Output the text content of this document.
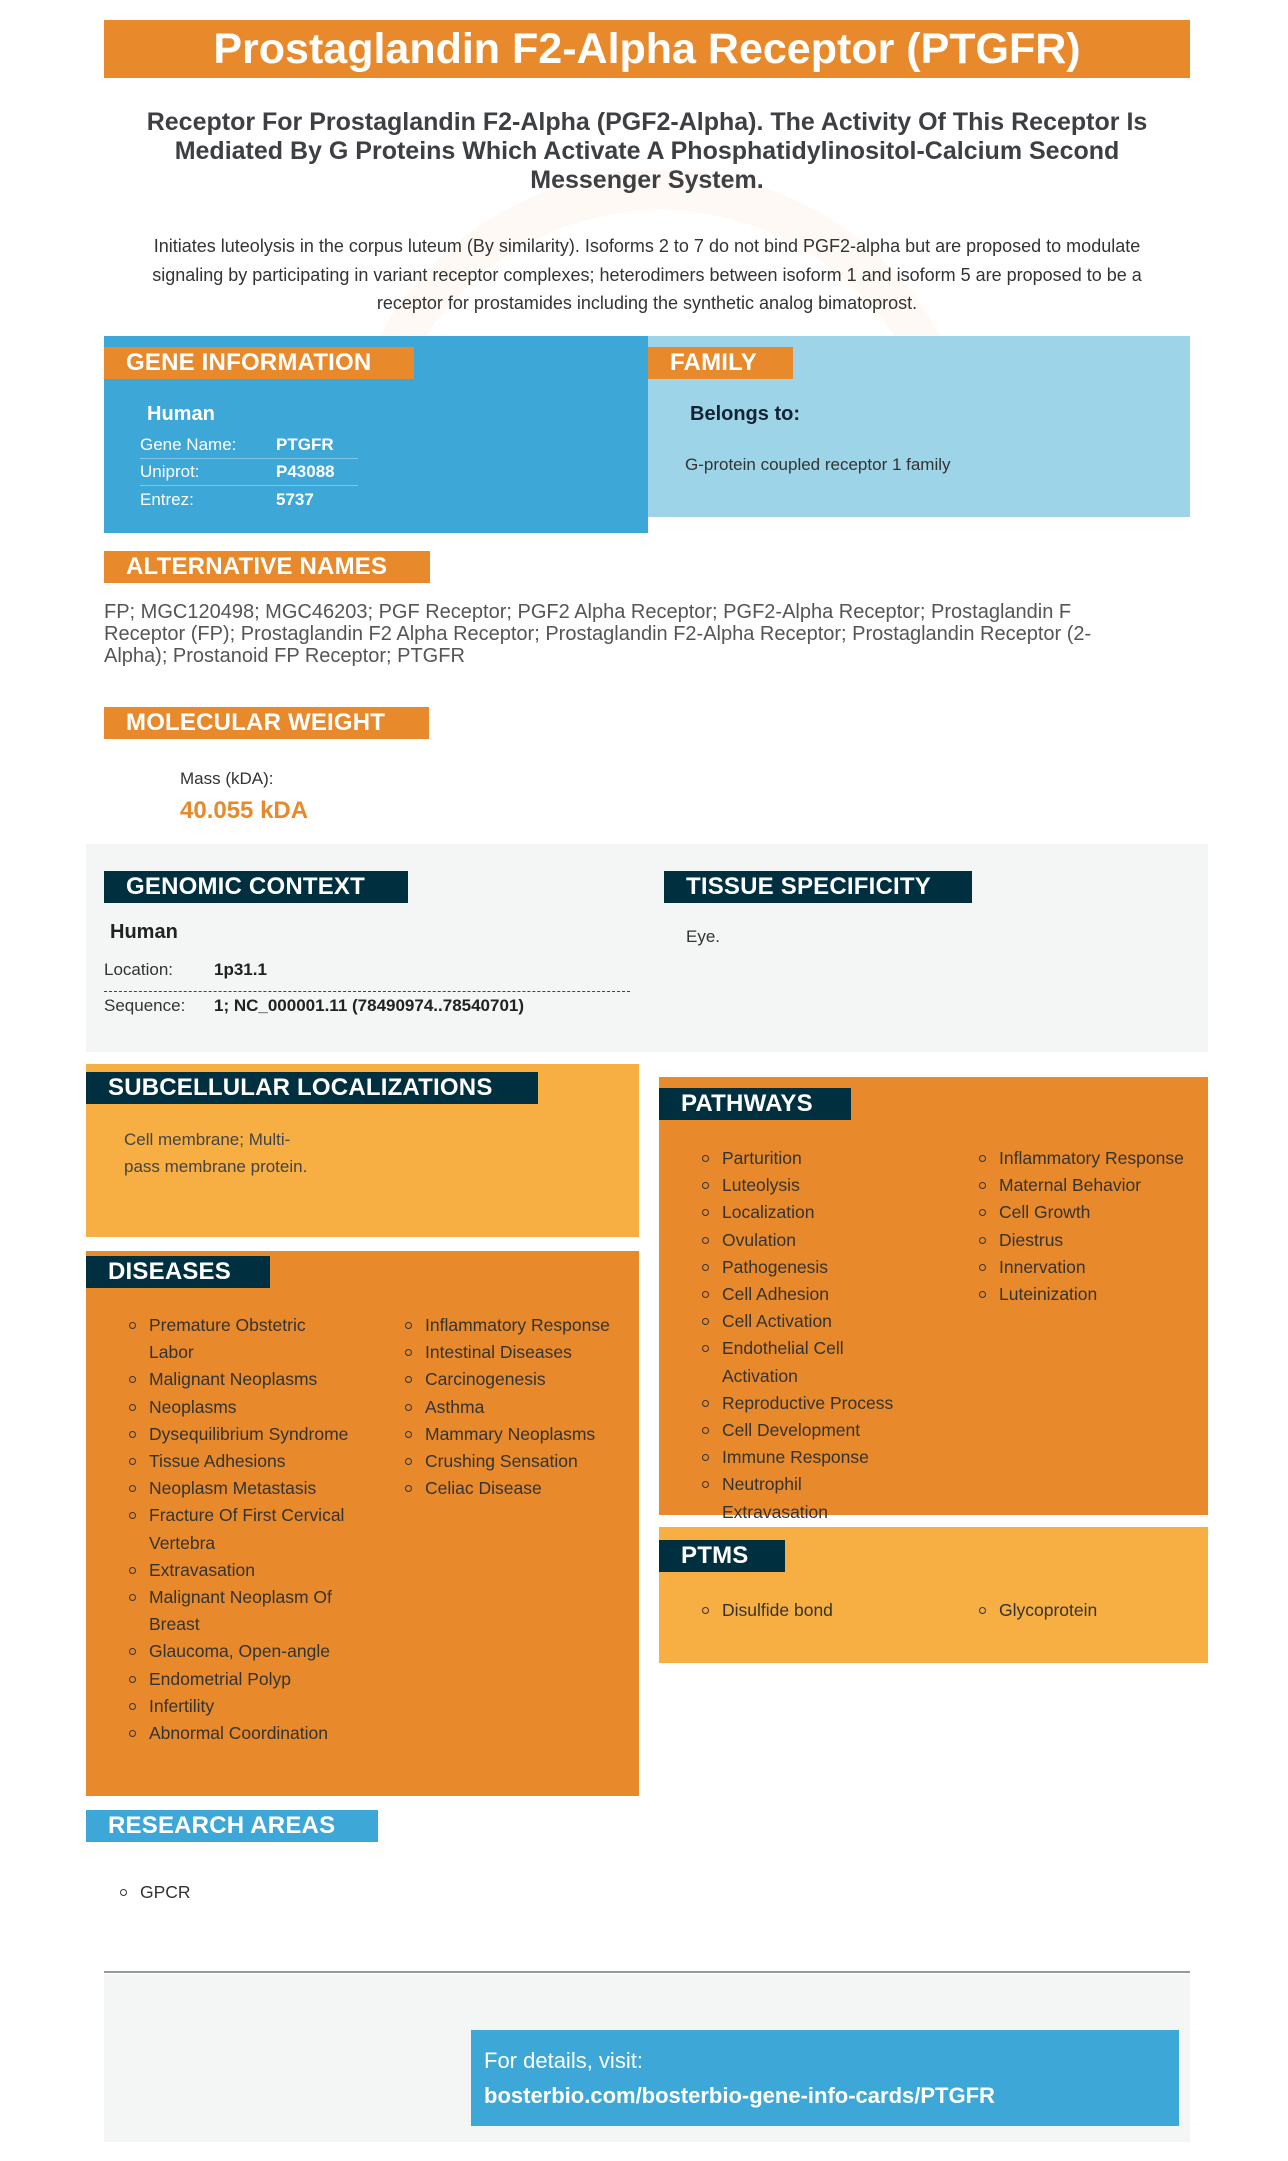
Prostaglandin F2-Alpha Receptor (PTGFR)
Receptor For Prostaglandin F2-Alpha (PGF2-Alpha). The Activity Of This Receptor Is Mediated By G Proteins Which Activate A Phosphatidylinositol-Calcium Second Messenger System.
Initiates luteolysis in the corpus luteum (By similarity). Isoforms 2 to 7 do not bind PGF2-alpha but are proposed to modulate signaling by participating in variant receptor complexes; heterodimers between isoform 1 and isoform 5 are proposed to be a receptor for prostamides including the synthetic analog bimatoprost.
GENE INFORMATION
Human
Gene Name:	PTGFR
Uniprot:	P43088
Entrez:	5737
FAMILY
Belongs to:
G-protein coupled receptor 1 family
ALTERNATIVE NAMES
FP; MGC120498; MGC46203; PGF Receptor; PGF2 Alpha Receptor; PGF2-Alpha Receptor; Prostaglandin F Receptor (FP); Prostaglandin F2 Alpha Receptor; Prostaglandin F2-Alpha Receptor; Prostaglandin Receptor (2-Alpha); Prostanoid FP Receptor; PTGFR
MOLECULAR WEIGHT
Mass (kDA):
40.055 kDA
GENOMIC CONTEXT
Human
Location:	1p31.1
Sequence:	1; NC_000001.11 (78490974..78540701)
TISSUE SPECIFICITY
Eye.
SUBCELLULAR LOCALIZATIONS
Cell membrane; Multi-pass membrane protein.
DISEASES
Premature Obstetric Labor
Malignant Neoplasms
Neoplasms
Dysequilibrium Syndrome
Tissue Adhesions
Neoplasm Metastasis
Fracture Of First Cervical Vertebra
Extravasation
Malignant Neoplasm Of Breast
Glaucoma, Open-angle
Endometrial Polyp
Infertility
Abnormal Coordination
Inflammatory Response
Intestinal Diseases
Carcinogenesis
Asthma
Mammary Neoplasms
Crushing Sensation
Celiac Disease
PATHWAYS
Parturition
Luteolysis
Localization
Ovulation
Pathogenesis
Cell Adhesion
Cell Activation
Endothelial Cell Activation
Reproductive Process
Cell Development
Immune Response
Neutrophil Extravasation
Inflammatory Response
Maternal Behavior
Cell Growth
Diestrus
Innervation
Luteinization
PTMS
Disulfide bond	Glycoprotein
RESEARCH AREAS
GPCR
For details, visit:
bosterbio.com/bosterbio-gene-info-cards/PTGFR
